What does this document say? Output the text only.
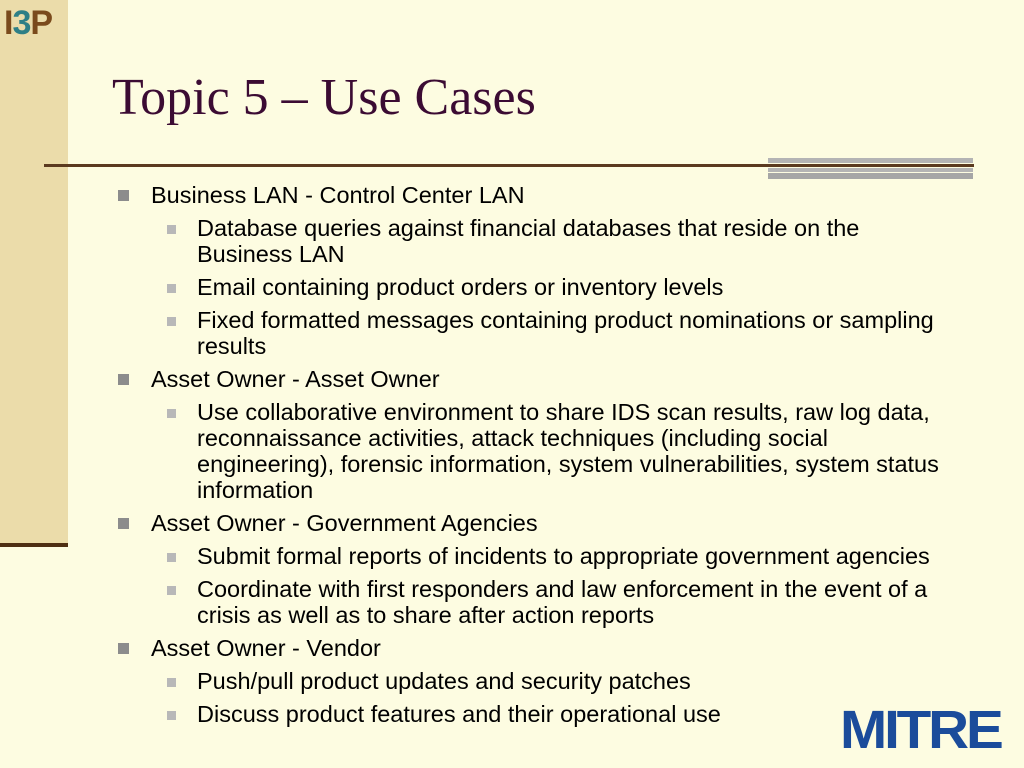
I3P
Topic 5 – Use Cases
Business LAN - Control Center LAN
Database queries against financial databases that reside on the Business LAN
Email containing product orders or inventory levels
Fixed formatted messages containing product nominations or sampling results
Asset Owner - Asset Owner
Use collaborative environment to share IDS scan results, raw log data, reconnaissance activities, attack techniques (including social engineering), forensic information, system vulnerabilities, system status information
Asset Owner - Government Agencies
Submit formal reports of incidents to appropriate government agencies
Coordinate with first responders and law enforcement in the event of a crisis as well as to share after action reports
Asset Owner - Vendor
Push/pull product updates and security patches
Discuss product features and their operational use	MITRE
